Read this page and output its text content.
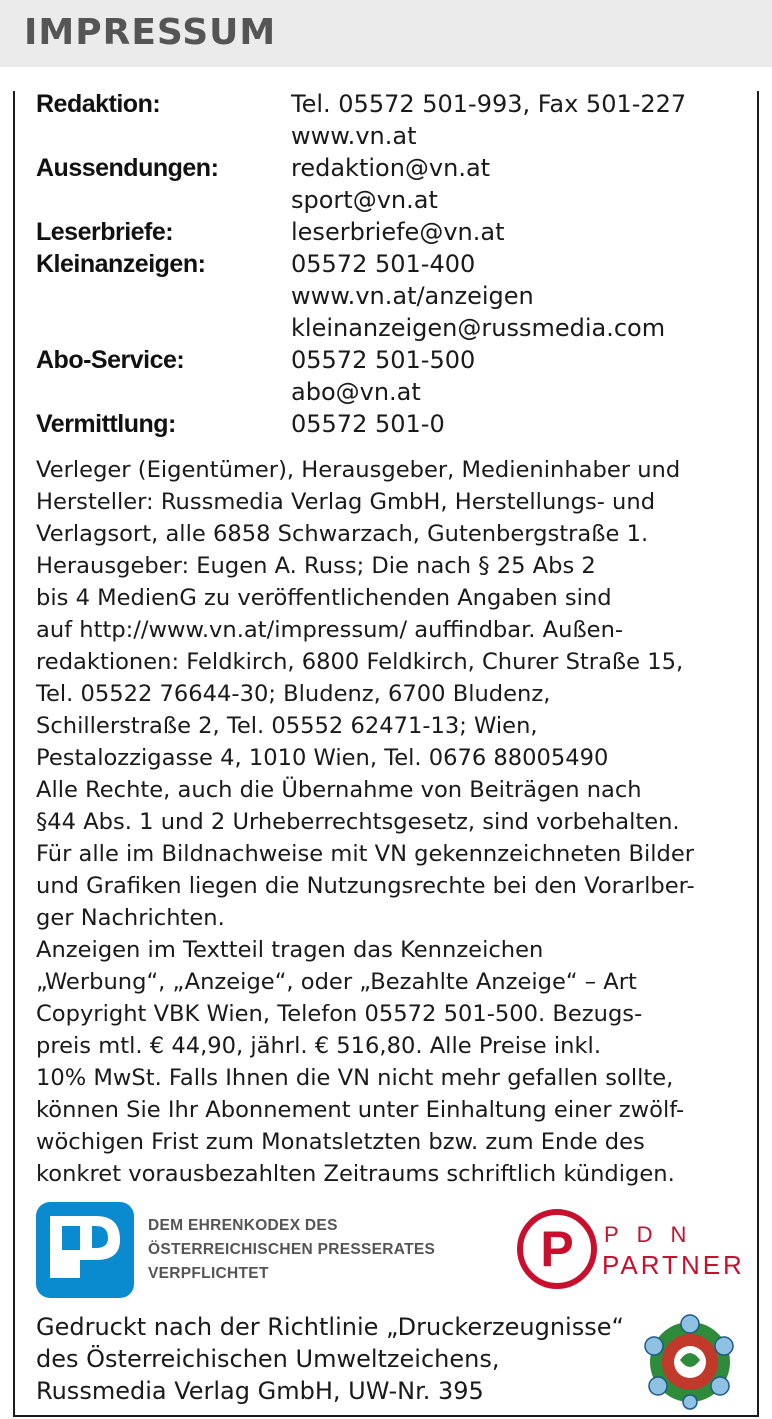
IMPRESSUM
Redaktion:	Tel. 05572 501-993, Fax 501-227
www.vn.at
Aussendungen:	redaktion@vn.at
sport@vn.at
Leserbriefe:	leserbriefe@vn.at
Kleinanzeigen:	05572 501-400
www.vn.at/anzeigen
kleinanzeigen@russmedia.com
Abo-Service:	05572 501-500
abo@vn.at
Vermittlung:	05572 501-0

Verleger (Eigentümer), Herausgeber, Medieninhaber und
Hersteller: Russmedia Verlag GmbH, Herstellungs- und
Verlagsort, alle 6858 Schwarzach, Gutenbergstraße 1.
Herausgeber: Eugen A. Russ; Die nach § 25 Abs 2
bis 4 MedienG zu veröffentlichenden Angaben sind
auf http://www.vn.at/impressum/ auffindbar. Außen-
redaktionen: Feldkirch, 6800 Feldkirch, Churer Straße 15,
Tel. 05522 76644-30; Bludenz, 6700 Bludenz,
Schillerstraße 2, Tel. 05552 62471-13; Wien,
Pestalozzigasse 4, 1010 Wien, Tel. 0676 88005490

Alle Rechte, auch die Übernahme von Beiträgen nach
§44 Abs. 1 und 2 Urheberrechtsgesetz, sind vorbehalten.
Für alle im Bildnachweise mit VN gekennzeichneten Bilder
und Grafiken liegen die Nutzungsrechte bei den Vorarlber-
ger Nachrichten.

Anzeigen im Textteil tragen das Kennzeichen
„Werbung“, „Anzeige“, oder „Bezahlte Anzeige“ – Art
Copyright VBK Wien, Telefon 05572 501-500. Bezugs-
preis mtl. € 44,90, jährl. € 516,80. Alle Preise inkl.
10% MwSt. Falls Ihnen die VN nicht mehr gefallen sollte,
können Sie Ihr Abonnement unter Einhaltung einer zwölf-
wöchigen Frist zum Monatsletzten bzw. zum Ende des
konkret vorausbezahlten Zeitraums schriftlich kündigen.

DEM EHRENKODEX DES
ÖSTERREICHISCHEN PRESSERATES
VERPFLICHTET	P PDN
PARTNER
Gedruckt nach der Richtlinie „Druckerzeugnisse“
des Österreichischen Umweltzeichens,
Russmedia Verlag GmbH, UW-Nr. 395
